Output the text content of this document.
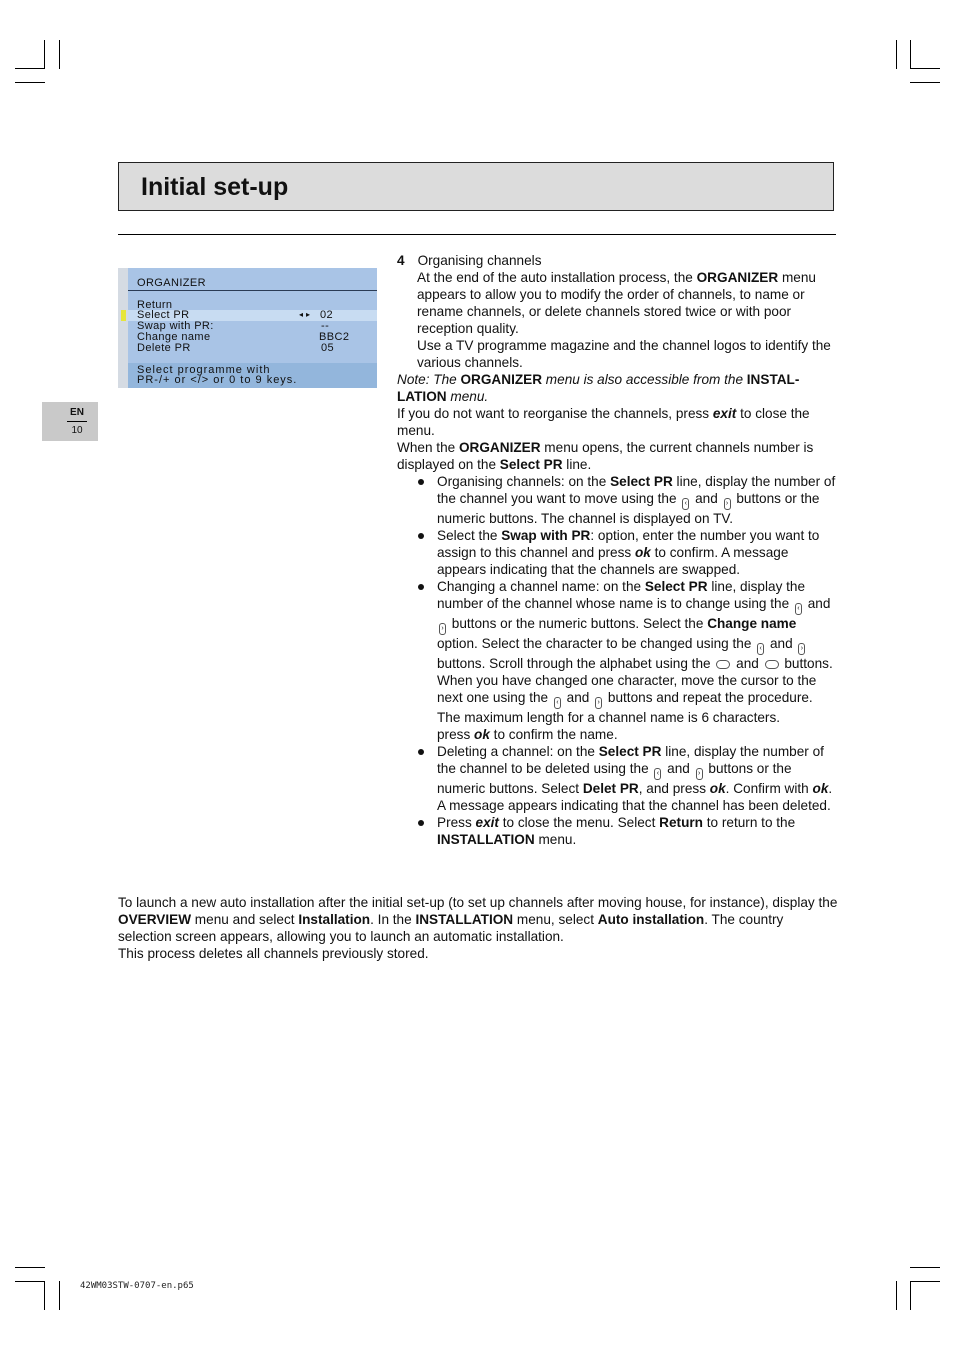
Initial set-up
ORGANIZER
Return
Select PR	◂ ▸ 02
Swap with PR:	--
Change name	BBC2
Delete PR	05
Select programme with
PR-/+ or </> or 0 to 9 keys.
EN
10

4 Organising channels

At the end of the auto installation process, the ORGANIZER menu appears to allow you to modify the order of channels, to name or rename channels, or delete channels stored twice or with poor reception quality.

Use a TV programme magazine and the channel logos to identify the various channels.

Note: The ORGANIZER menu is also accessible from the INSTAL-LATION menu.

If you do not want to reorganise the channels, press exit to close the menu.

When the ORGANIZER menu opens, the current channels number is displayed on the Select PR line.

Organising channels: on the Select PR line, display the number of the channel you want to move using the ‹ and › buttons or the numeric buttons. The channel is displayed on TV.

Select the Swap with PR: option, enter the number you want to assign to this channel and press ok to confirm. A message appears indicating that the channels are swapped.

Changing a channel name: on the Select PR line, display the number of the channel whose name is to change using the ‹ and › buttons or the numeric buttons. Select the Change name option. Select the character to be changed using the ‹ and › buttons. Scroll through the alphabet using the  and  buttons. When you have changed one character, move the cursor to the next one using the ‹ and › buttons and repeat the procedure. The maximum length for a channel name is 6 characters.

press ok to confirm the name.

Deleting a channel: on the Select PR line, display the number of the channel to be deleted using the ‹ and › buttons or the numeric buttons. Select Delet PR, and press ok. Confirm with ok. A message appears indicating that the channel has been deleted.

Press exit to close the menu. Select Return to return to the INSTALLATION menu.

To launch a new auto installation after the initial set-up (to set up channels after moving house, for instance), display the OVERVIEW menu and select Installation. In the INSTALLATION menu, select Auto installation. The country selection screen appears, allowing you to launch an automatic installation.

This process deletes all channels previously stored.

42WM03STW-0707-en.p65
